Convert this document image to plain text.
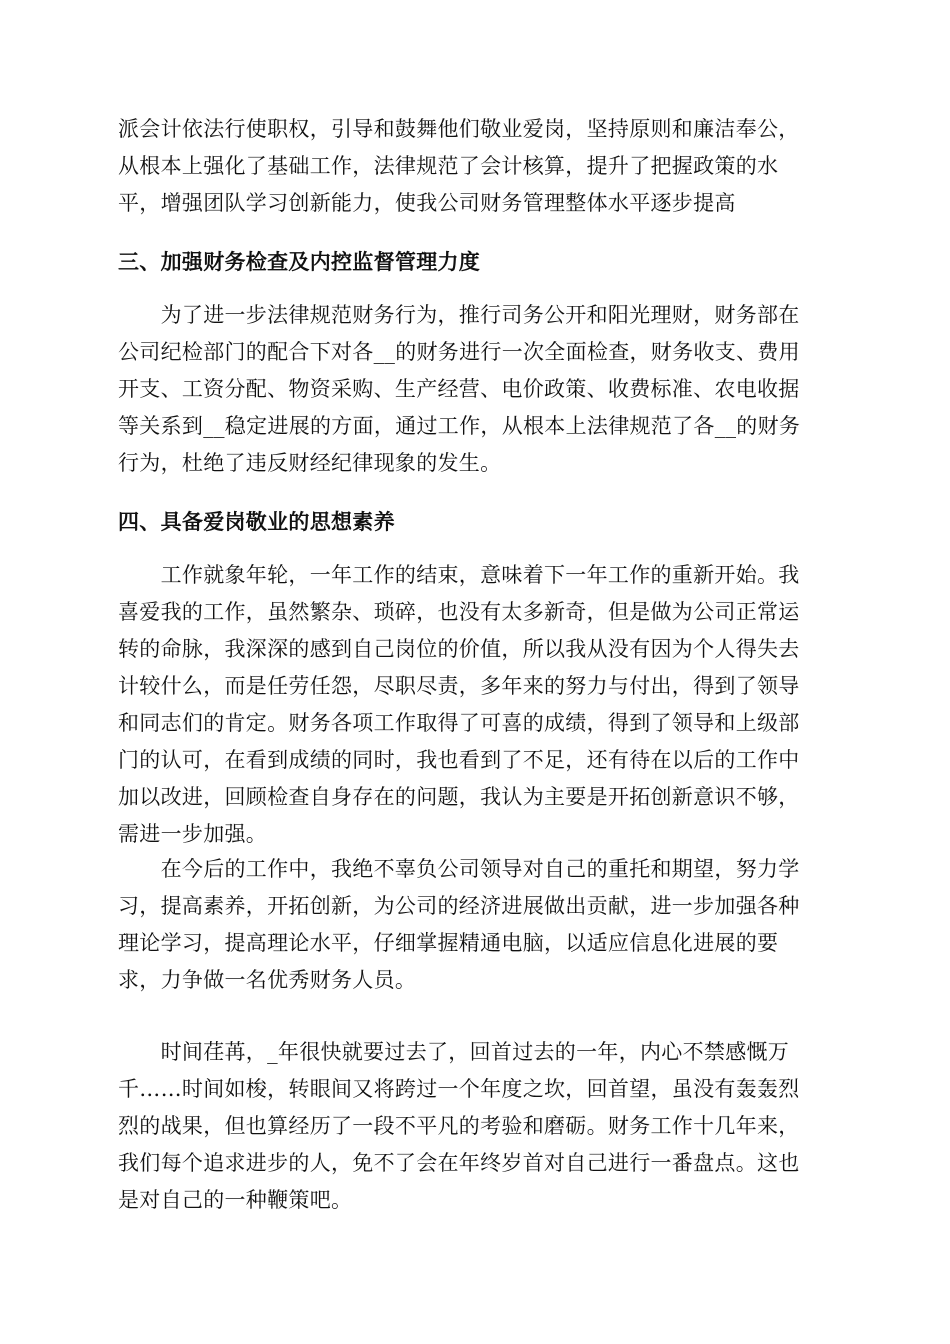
派会计依法行使职权，引导和鼓舞他们敬业爱岗，坚持原则和廉洁奉公，
从根本上强化了基础工作，法律规范了会计核算，提升了把握政策的水
平，增强团队学习创新能力，使我公司财务管理整体水平逐步提高
三、加强财务检查及内控监督管理力度
　　为了进一步法律规范财务行为，推行司务公开和阳光理财，财务部在
公司纪检部门的配合下对各__的财务进行一次全面检查，财务收支、费用
开支、工资分配、物资采购、生产经营、电价政策、收费标准、农电收据
等关系到__稳定进展的方面，通过工作，从根本上法律规范了各__的财务
行为，杜绝了违反财经纪律现象的发生。
四、具备爱岗敬业的思想素养
　　工作就象年轮，一年工作的结束，意味着下一年工作的重新开始。我
喜爱我的工作，虽然繁杂、琐碎，也没有太多新奇，但是做为公司正常运
转的命脉，我深深的感到自己岗位的价值，所以我从没有因为个人得失去
计较什么，而是任劳任怨，尽职尽责，多年来的努力与付出，得到了领导
和同志们的肯定。财务各项工作取得了可喜的成绩，得到了领导和上级部
门的认可，在看到成绩的同时，我也看到了不足，还有待在以后的工作中
加以改进，回顾检查自身存在的问题，我认为主要是开拓创新意识不够，
需进一步加强。
　　在今后的工作中，我绝不辜负公司领导对自己的重托和期望，努力学
习，提高素养，开拓创新，为公司的经济进展做出贡献，进一步加强各种
理论学习，提高理论水平，仔细掌握精通电脑，以适应信息化进展的要
求，力争做一名优秀财务人员。
　　时间荏苒，_年很快就要过去了，回首过去的一年，内心不禁感慨万
千……时间如梭，转眼间又将跨过一个年度之坎，回首望，虽没有轰轰烈
烈的战果，但也算经历了一段不平凡的考验和磨砺。财务工作十几年来，
我们每个追求进步的人，免不了会在年终岁首对自己进行一番盘点。这也
是对自己的一种鞭策吧。
